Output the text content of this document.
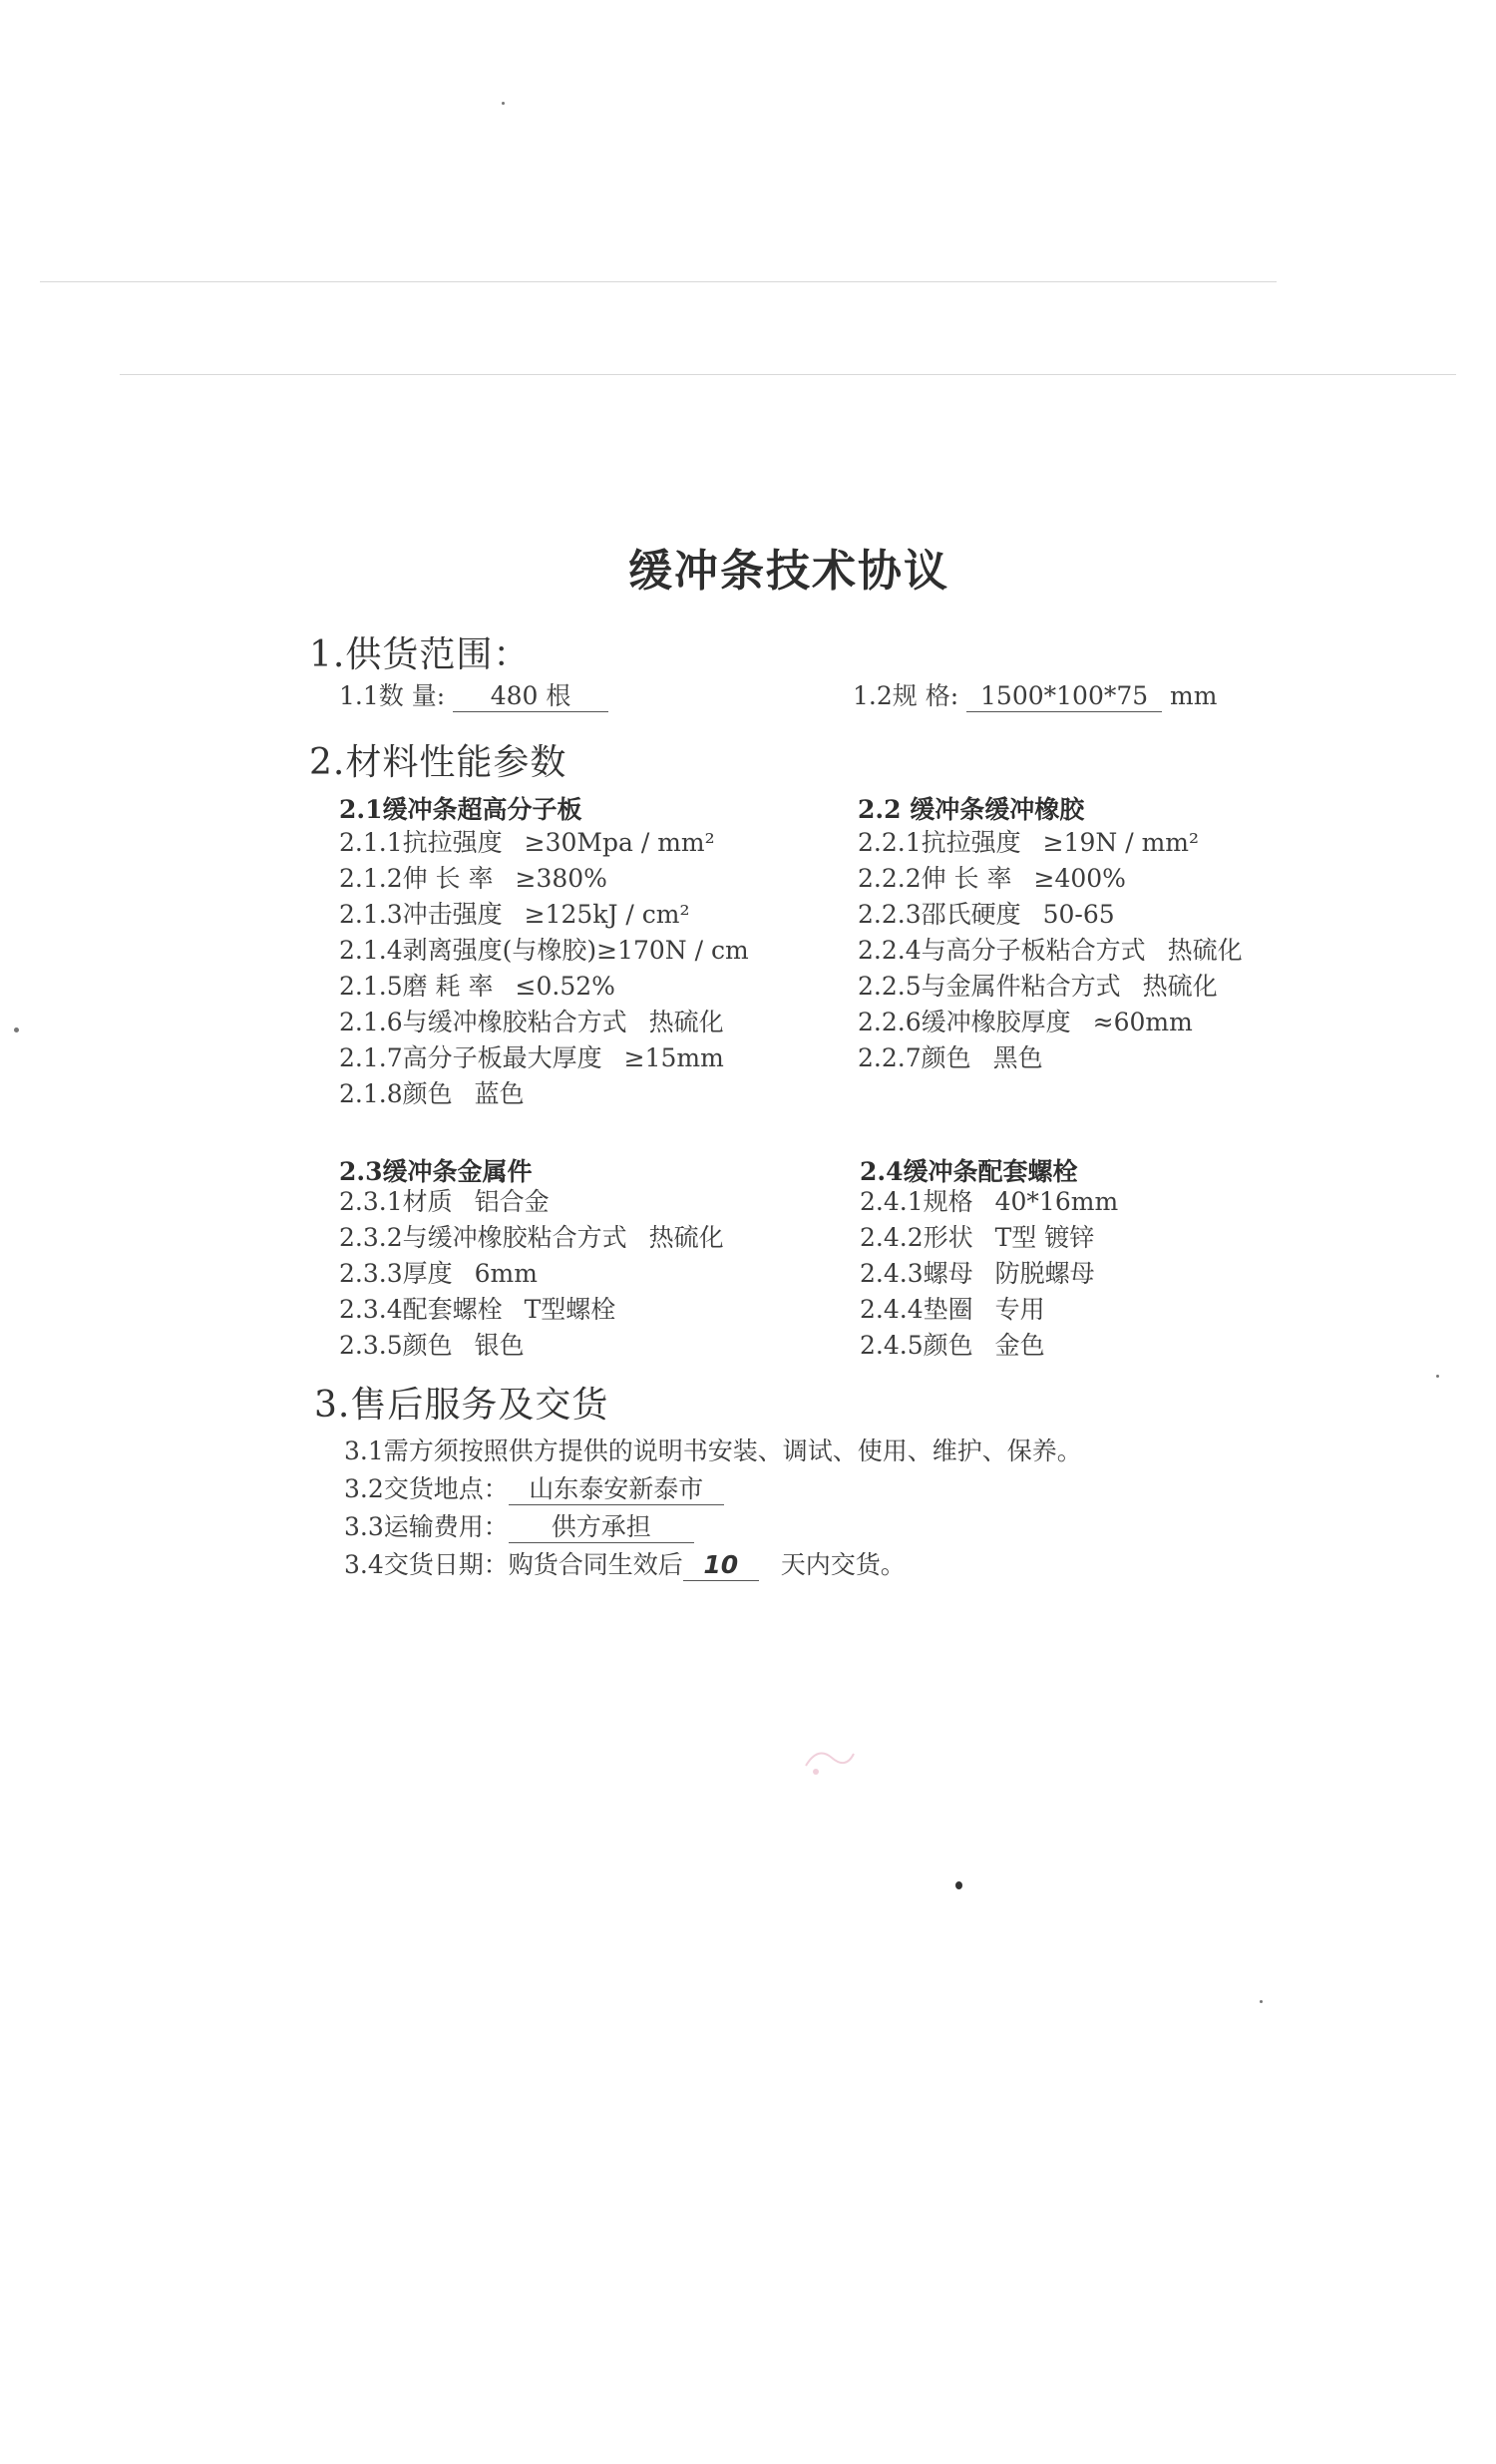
缓冲条技术协议
1.供货范围：
1.1数 量: 480 根	1.2规 格: 1500*100*75 mm
2.材料性能参数
2.1缓冲条超高分子板
2.1.1抗拉强度 ≥30Mpa / mm²
2.1.2伸 长 率 ≥380%
2.1.3冲击强度 ≥125kJ / cm²
2.1.4剥离强度(与橡胶)≥170N / cm
2.1.5磨 耗 率 ≤0.52%
2.1.6与缓冲橡胶粘合方式 热硫化
2.1.7高分子板最大厚度 ≥15mm
2.1.8颜色 蓝色
2.2 缓冲条缓冲橡胶
2.2.1抗拉强度 ≥19N / mm²
2.2.2伸 长 率 ≥400%
2.2.3邵氏硬度 50-65
2.2.4与高分子板粘合方式 热硫化
2.2.5与金属件粘合方式 热硫化
2.2.6缓冲橡胶厚度 ≈60mm
2.2.7颜色 黑色
2.3缓冲条金属件
2.3.1材质 铝合金
2.3.2与缓冲橡胶粘合方式 热硫化
2.3.3厚度 6mm
2.3.4配套螺栓 T型螺栓
2.3.5颜色 银色
2.4缓冲条配套螺栓
2.4.1规格 40*16mm
2.4.2形状 T型 镀锌
2.4.3螺母 防脱螺母
2.4.4垫圈 专用
2.4.5颜色 金色
3.售后服务及交货
3.1需方须按照供方提供的说明书安装、调试、使用、维护、保养。
3.2交货地点： 山东泰安新泰市
3.3运输费用： 供方承担
3.4交货日期：购货合同生效后 10 天内交货。
